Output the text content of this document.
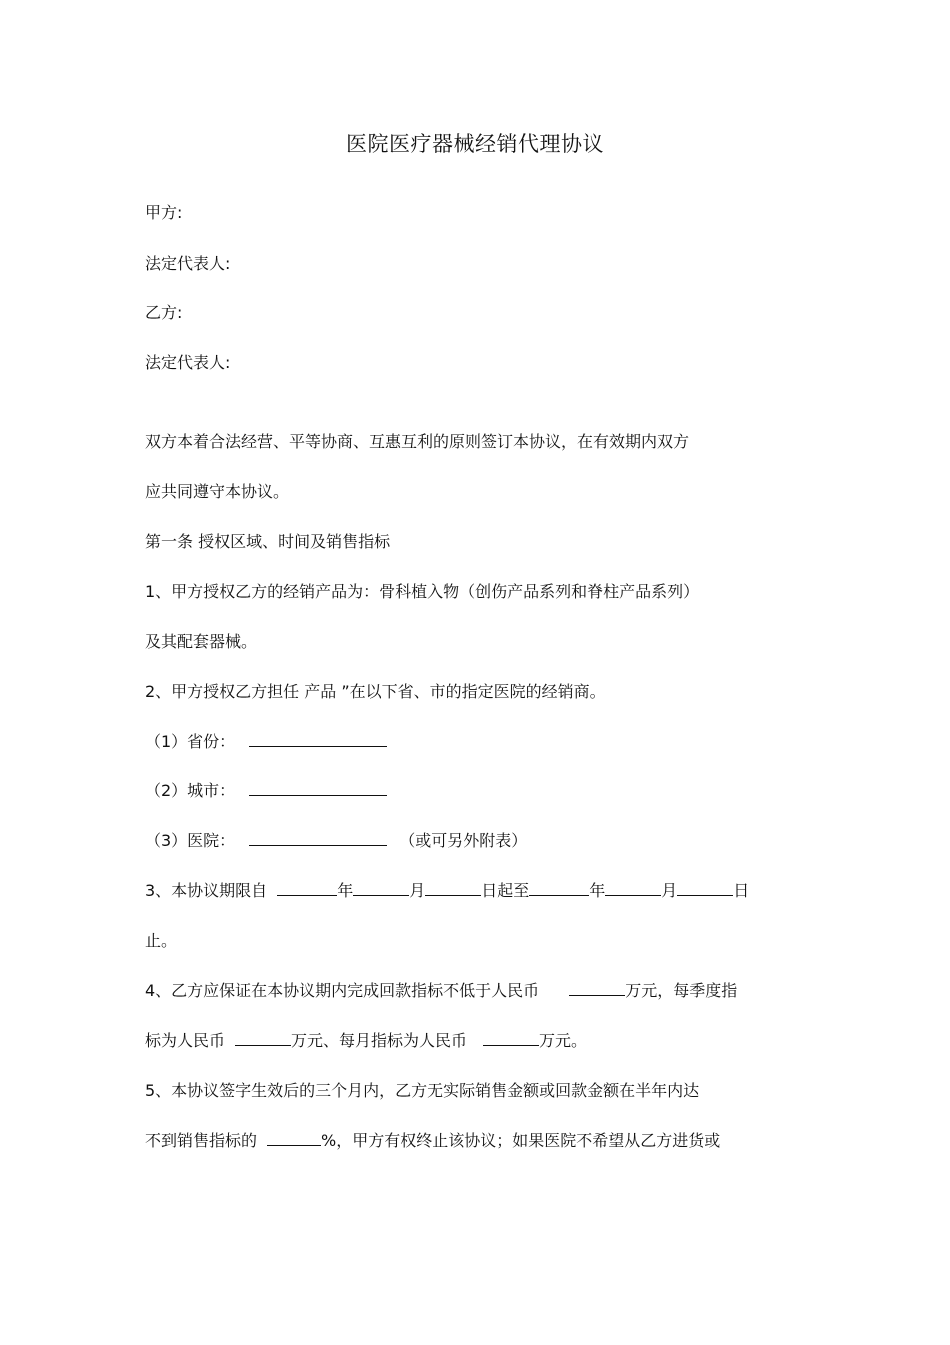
医院医疗器械经销代理协议
甲方:
法定代表人:
乙方:
法定代表人:
双方本着合法经营、平等协商、互惠互利的原则签订本协议，在有效期内双方
应共同遵守本协议。
第一条 授权区域、时间及销售指标
1、甲方授权乙方的经销产品为：骨科植入物（创伤产品系列和脊柱产品系列）
及其配套器械。
2、甲方授权乙方担任 产品 ”在以下省、市的指定医院的经销商。
（1）省份：
（2）城市：
（3）医院：	（或可另外附表）
3、本协议期限自	年	月	日起至	年	月	日
止。
4、乙方应保证在本协议期内完成回款指标不低于人民币	万元，每季度指
标为人民币	万元、每月指标为人民币	万元。
5、本协议签字生效后的三个月内，乙方无实际销售金额或回款金额在半年内达
不到销售指标的	%，甲方有权终止该协议；如果医院不希望从乙方进货或
